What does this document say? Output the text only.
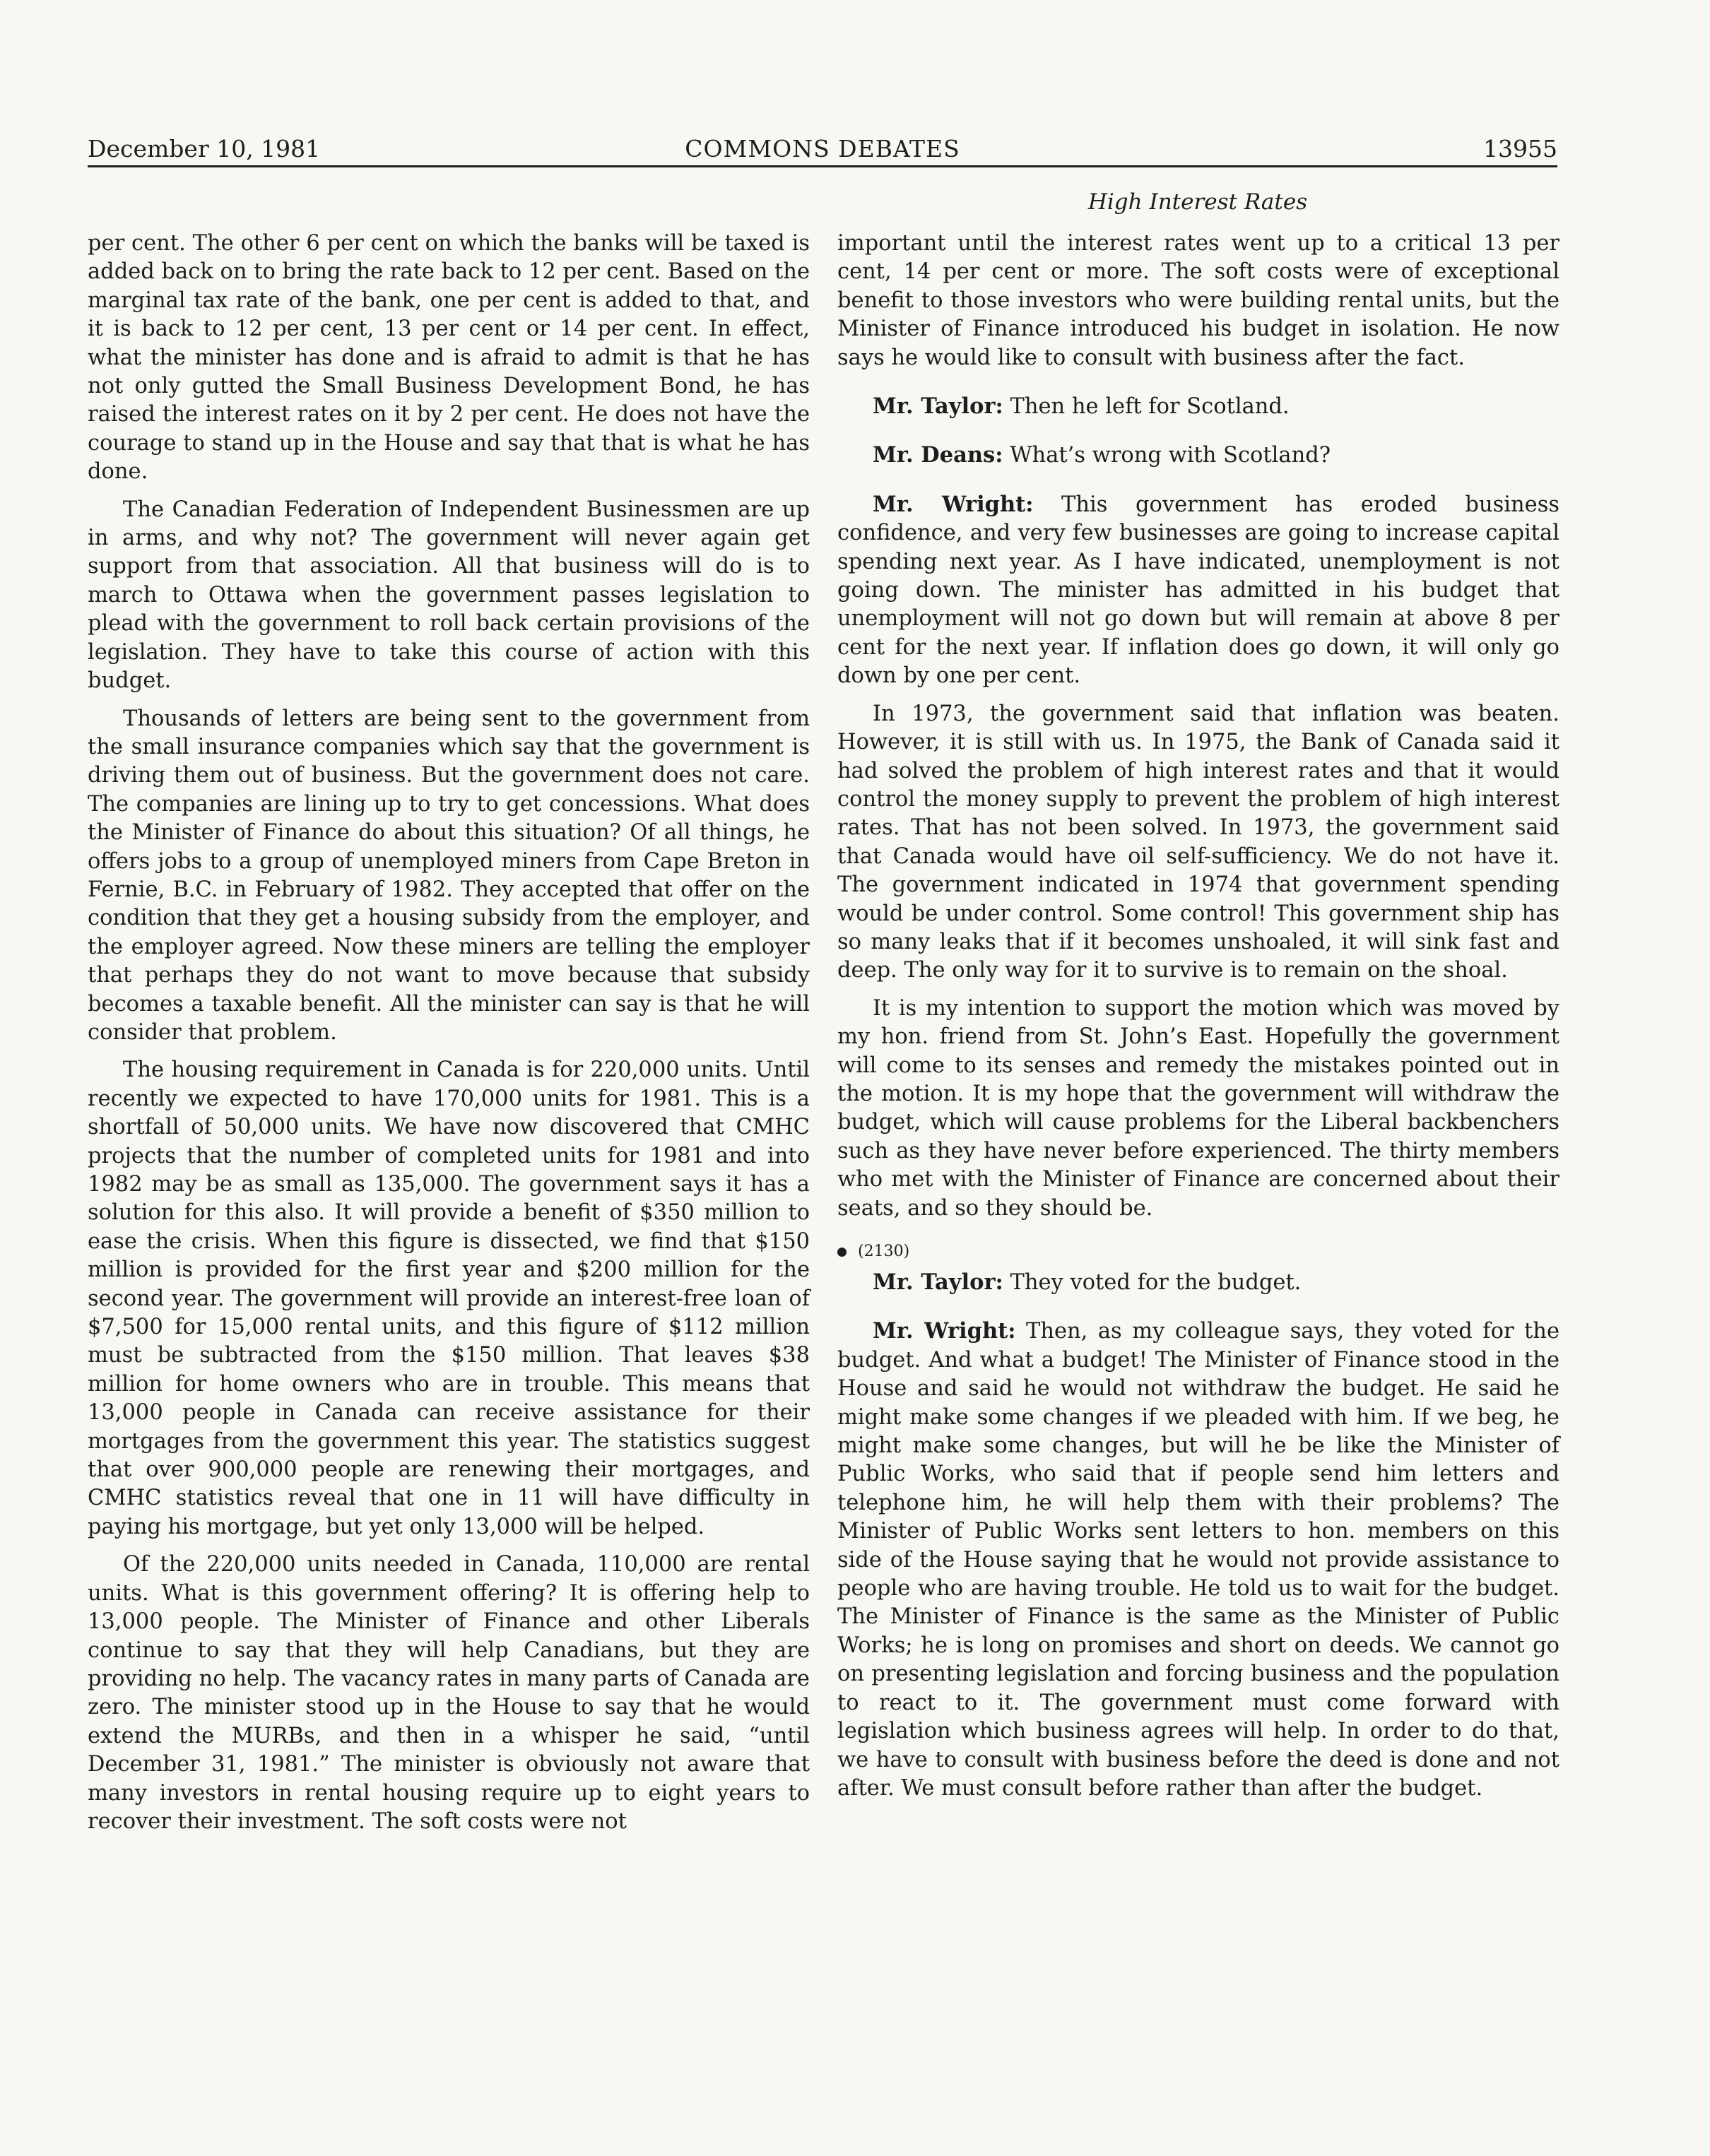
December 10, 1981	COMMONS DEBATES	13955
High Interest Rates

per cent. The other 6 per cent on which the banks will be taxed is added back on to bring the rate back to 12 per cent. Based on the marginal tax rate of the bank, one per cent is added to that, and it is back to 12 per cent, 13 per cent or 14 per cent. In effect, what the minister has done and is afraid to admit is that he has not only gutted the Small Business Development Bond, he has raised the interest rates on it by 2 per cent. He does not have the courage to stand up in the House and say that that is what he has done.

The Canadian Federation of Independent Businessmen are up in arms, and why not? The government will never again get support from that association. All that business will do is to march to Ottawa when the government passes legislation to plead with the government to roll back certain provisions of the legislation. They have to take this course of action with this budget.

Thousands of letters are being sent to the government from the small insurance companies which say that the government is driving them out of business. But the government does not care. The companies are lining up to try to get concessions. What does the Minister of Finance do about this situation? Of all things, he offers jobs to a group of unemployed miners from Cape Breton in Fernie, B.C. in February of 1982. They accepted that offer on the condition that they get a housing subsidy from the employer, and the employer agreed. Now these miners are telling the employer that perhaps they do not want to move because that subsidy becomes a taxable benefit. All the minister can say is that he will consider that problem.

The housing requirement in Canada is for 220,000 units. Until recently we expected to have 170,000 units for 1981. This is a shortfall of 50,000 units. We have now discovered that CMHC projects that the number of completed units for 1981 and into 1982 may be as small as 135,000. The government says it has a solution for this also. It will provide a benefit of $350 million to ease the crisis. When this figure is dissected, we find that $150 million is provided for the first year and $200 million for the second year. The government will provide an interest-free loan of $7,500 for 15,000 rental units, and this figure of $112 million must be subtracted from the $150 million. That leaves $38 million for home owners who are in trouble. This means that 13,000 people in Canada can receive assistance for their mortgages from the government this year. The statistics suggest that over 900,000 people are renewing their mortgages, and CMHC statistics reveal that one in 11 will have difficulty in paying his mortgage, but yet only 13,000 will be helped.

Of the 220,000 units needed in Canada, 110,000 are rental units. What is this government offering? It is offering help to 13,000 people. The Minister of Finance and other Liberals continue to say that they will help Canadians, but they are providing no help. The vacancy rates in many parts of Canada are zero. The minister stood up in the House to say that he would extend the MURBs, and then in a whisper he said, “until December 31, 1981.” The minister is obviously not aware that many investors in rental housing require up to eight years to recover their investment. The soft costs were not

important until the interest rates went up to a critical 13 per cent, 14 per cent or more. The soft costs were of exceptional benefit to those investors who were building rental units, but the Minister of Finance introduced his budget in isolation. He now says he would like to consult with business after the fact.

Mr. Taylor: Then he left for Scotland.

Mr. Deans: What’s wrong with Scotland?

Mr. Wright: This government has eroded business confidence, and very few businesses are going to increase capital spending next year. As I have indicated, unemployment is not going down. The minister has admitted in his budget that unemployment will not go down but will remain at above 8 per cent for the next year. If inflation does go down, it will only go down by one per cent.

In 1973, the government said that inflation was beaten. However, it is still with us. In 1975, the Bank of Canada said it had solved the problem of high interest rates and that it would control the money supply to prevent the problem of high interest rates. That has not been solved. In 1973, the government said that Canada would have oil self-sufficiency. We do not have it. The government indicated in 1974 that government spending would be under control. Some control! This government ship has so many leaks that if it becomes unshoaled, it will sink fast and deep. The only way for it to survive is to remain on the shoal.

It is my intention to support the motion which was moved by my hon. friend from St. John’s East. Hopefully the government will come to its senses and remedy the mistakes pointed out in the motion. It is my hope that the government will withdraw the budget, which will cause problems for the Liberal backbenchers such as they have never before experienced. The thirty members who met with the Minister of Finance are concerned about their seats, and so they should be.

(2130)

Mr. Taylor: They voted for the budget.

Mr. Wright: Then, as my colleague says, they voted for the budget. And what a budget! The Minister of Finance stood in the House and said he would not withdraw the budget. He said he might make some changes if we pleaded with him. If we beg, he might make some changes, but will he be like the Minister of Public Works, who said that if people send him letters and telephone him, he will help them with their problems? The Minister of Public Works sent letters to hon. members on this side of the House saying that he would not provide assistance to people who are having trouble. He told us to wait for the budget. The Minister of Finance is the same as the Minister of Public Works; he is long on promises and short on deeds. We cannot go on presenting legislation and forcing business and the population to react to it. The government must come forward with legislation which business agrees will help. In order to do that, we have to consult with business before the deed is done and not after. We must consult before rather than after the budget.
